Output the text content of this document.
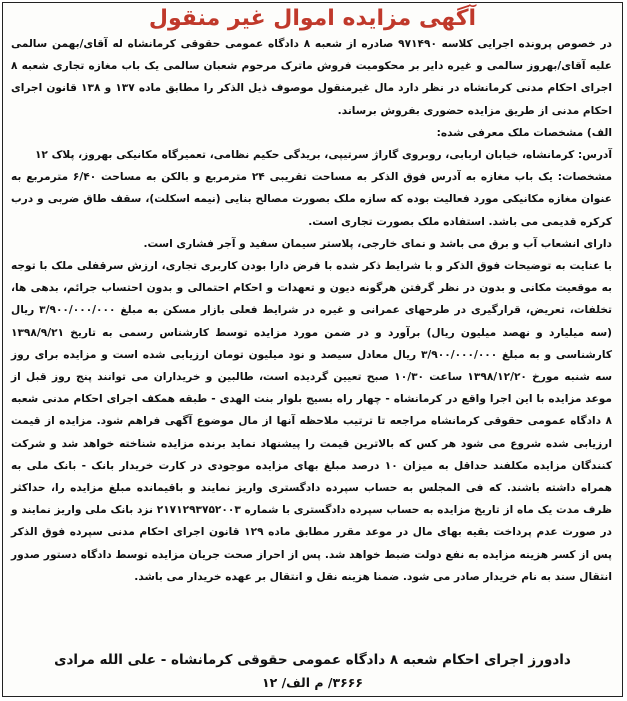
آگهی مزایده اموال غیر منقول

در خصوص پرونده اجرایی کلاسه ۹۷۱۴۹۰ صادره از شعبه ۸ دادگاه عمومی حقوقی کرمانشاه له آقای/بهمن سالمی علیه آقای/بهروز سالمی و غیره دایر بر محکومیت فروش ماترک مرحوم شعبان سالمی یک باب مغازه تجاری شعبه ۸ اجرای احکام مدنی کرمانشاه در نظر دارد مال غیرمنقول موصوف ذیل الذکر را مطابق ماده ۱۳۷ و ۱۳۸ قانون اجرای احکام مدنی از طریق مزایده حضوری بفروش برساند.

الف) مشخصات ملک معرفی شده:

آدرس: کرمانشاه، خیابان اربابی، روبروی گاراژ سرتیپی، بریدگی حکیم نظامی، تعمیرگاه مکانیکی بهروز، پلاک ۱۲

مشخصات: یک باب مغازه به آدرس فوق الذکر به مساحت تقریبی ۲۴ مترمربع و بالکن به مساحت ۶/۴۰ مترمربع به عنوان مغازه مکانیکی مورد فعالیت بوده که سازه ملک بصورت مصالح بنایی (نیمه اسکلت)، سقف طاق ضربی و درب کرکره قدیمی می باشد. استفاده ملک بصورت تجاری است.

دارای انشعاب آب و برق می باشد و نمای خارجی، پلاستر سیمان سفید و آجر فشاری است.

با عنایت به توضیحات فوق الذکر و با شرایط ذکر شده با فرض دارا بودن کاربری تجاری، ارزش سرقفلی ملک با توجه به موقعیت مکانی و بدون در نظر گرفتن هرگونه دیون و تعهدات و احکام احتمالی و بدون احتساب جرائم، بدهی ها، تخلفات، تعریض، قرارگیری در طرحهای عمرانی و غیره در شرایط فعلی بازار مسکن به مبلغ ۳/۹۰۰/۰۰۰/۰۰۰ ریال (سه میلیارد و نهصد میلیون ریال) برآورد و در ضمن مورد مزایده توسط کارشناس رسمی به تاریخ ۱۳۹۸/۹/۲۱ کارشناسی و به مبلغ ۳/۹۰۰/۰۰۰/۰۰۰ ریال معادل سیصد و نود میلیون تومان ارزیابی شده است و مزایده برای روز سه شنبه مورخ ۱۳۹۸/۱۲/۲۰ ساعت ۱۰/۳۰ صبح تعیین گردیده است، طالبین و خریداران می توانند پنج روز قبل از موعد مزایده با این اجرا واقع در کرمانشاه - چهار راه بسیج بلوار بنت الهدی - طبقه همکف اجرای احکام مدنی شعبه ۸ دادگاه عمومی حقوقی کرمانشاه مراجعه تا ترتیب ملاحظه آنها از مال موضوع آگهی فراهم شود. مزایده از قیمت ارزیابی شده شروع می شود هر کس که بالاترین قیمت را پیشنهاد نماید برنده مزایده شناخته خواهد شد و شرکت کنندگان مزایده مکلفند حداقل به میزان ۱۰ درصد مبلغ بهای مزایده موجودی در کارت خریدار بانک - بانک ملی به همراه داشته باشند. که فی المجلس به حساب سپرده دادگستری واریز نمایند و باقیمانده مبلغ مزایده را، حداکثر ظرف مدت یک ماه از تاریخ مزایده به حساب سپرده دادگستری با شماره ۲۱۷۱۲۹۳۷۵۲۰۰۳ نزد بانک ملی واریز نمایند و در صورت عدم پرداخت بقیه بهای مال در موعد مقرر مطابق ماده ۱۲۹ قانون اجرای احکام مدنی سپرده فوق الذکر پس از کسر هزینه مزایده به نفع دولت ضبط خواهد شد. پس از احراز صحت جریان مزایده توسط دادگاه دستور صدور انتقال سند به نام خریدار صادر می شود. ضمنا هزینه نقل و انتقال بر عهده خریدار می باشد.

دادورز اجرای احکام شعبه ۸ دادگاه عمومی حقوقی کرمانشاه - علی الله مرادی
۳۶۶۶/ م الف/ ۱۲
